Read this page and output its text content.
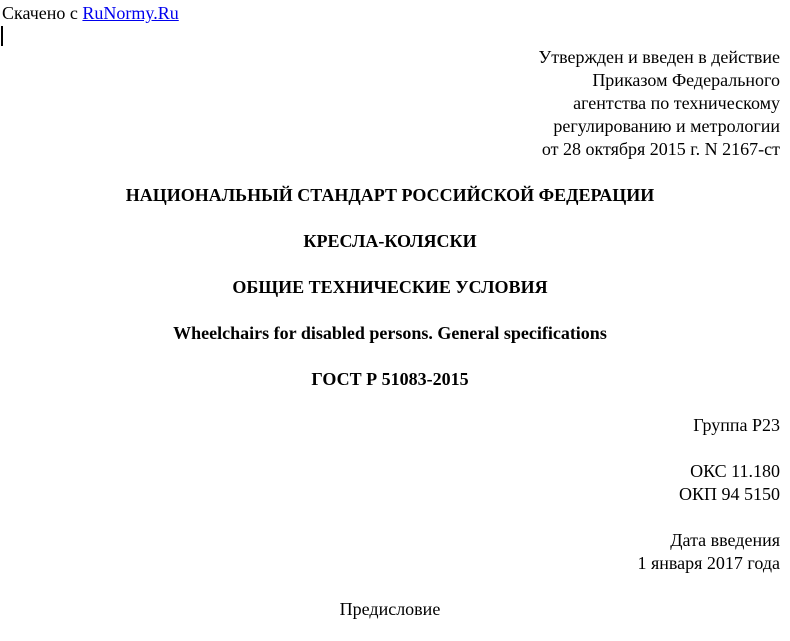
Скачено с RuNormy.Ru
Утвержден и введен в действие
Приказом Федерального
агентства по техническому
регулированию и метрологии
от 28 октября 2015 г. N 2167-ст
НАЦИОНАЛЬНЫЙ СТАНДАРТ РОССИЙСКОЙ ФЕДЕРАЦИИ
КРЕСЛА-КОЛЯСКИ
ОБЩИЕ ТЕХНИЧЕСКИЕ УСЛОВИЯ
Wheelchairs for disabled persons. General specifications
ГОСТ Р 51083-2015
Группа Р23
ОКС 11.180
ОКП 94 5150
Дата введения
1 января 2017 года
Предисловие
